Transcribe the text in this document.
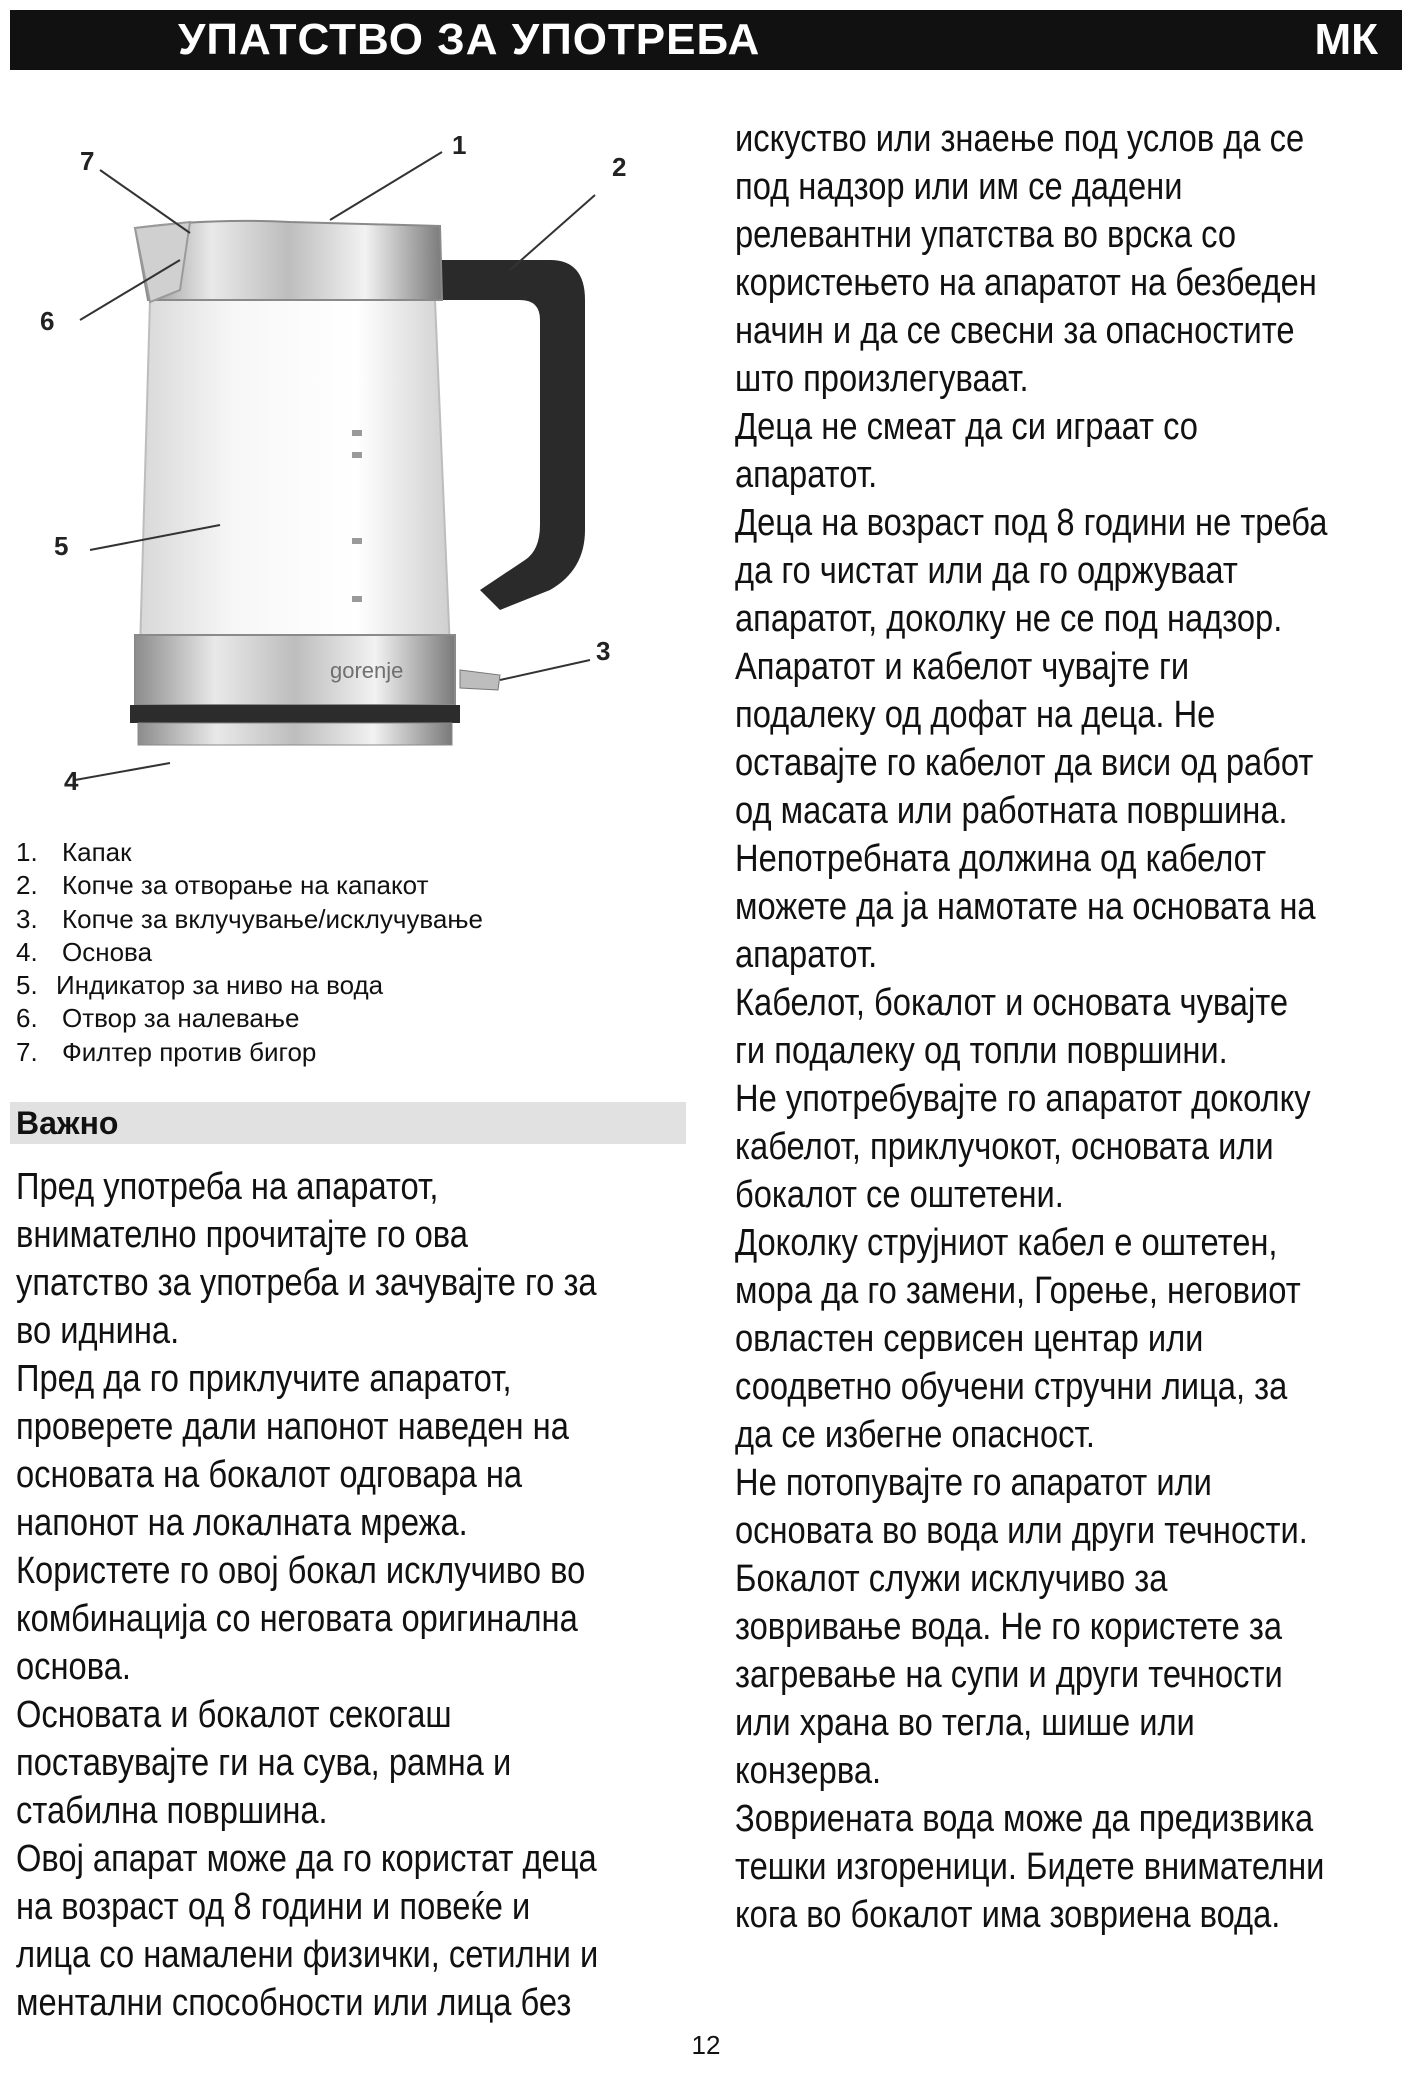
УПАТСТВО ЗА УПОТРЕБА	МК
gorenje
1
2
3
4
5
6
7
1. Капак
2. Копче за отворање на капакот
3. Копче за вклучување/исклучување
4. Основа
5. Индикатор за ниво на вода
6. Отвор за налевање
7. Филтер против бигор
Важно

Пред употреба на апаратот,

внимателно прочитајте го ова

упатство за употреба и зачувајте го за

во иднина.

Пред да го приклучите апаратот,

проверете дали напонот наведен на

основата на бокалот одговара на

напонот на локалната мрежа.

Користете го овој бокал исклучиво во

комбинација со неговата оригинална

основа.

Основата и бокалот секогаш

поставувајте ги на сува, рамна и

стабилна површина.

Овој апарат може да го користат деца

на возраст од 8 години и повеќе и

лица со намалени физички, сетилни и

ментални способности или лица без

искуство или знаење под услов да се

под надзор или им се дадени

релевантни упатства во врска со

користењето на апаратот на безбеден

начин и да се свесни за опасностите

што произлегуваат.

Деца не смеат да си играат со

апаратот.

Деца на возраст под 8 години не треба

да го чистат или да го одржуваат

апаратот, доколку не се под надзор.

Апаратот и кабелот чувајте ги

подалеку од дофат на деца. Не

оставајте го кабелот да виси од работ

од масата или работната површина.

Непотребната должина од кабелот

можете да ја намотате на основата на

апаратот.

Кабелот, бокалот и основата чувајте

ги подалеку од топли површини.

Не употребувајте го апаратот доколку

кабелот, приклучокот, основата или

бокалот се оштетени.

Доколку струјниот кабел е оштетен,

мора да го замени, Горење, неговиот

овластен сервисен центар или

соодветно обучени стручни лица, за

да се избегне опасност.

Не потопувајте го апаратот или

основата во вода или други течности.

Бокалот служи исклучиво за

зовривање вода. Не го користете за

загревање на супи и други течности

или храна во тегла, шише или

конзерва.

Зовриената вода може да предизвика

тешки изгореници. Бидете внимателни

кога во бокалот има зовриена вода.

12
